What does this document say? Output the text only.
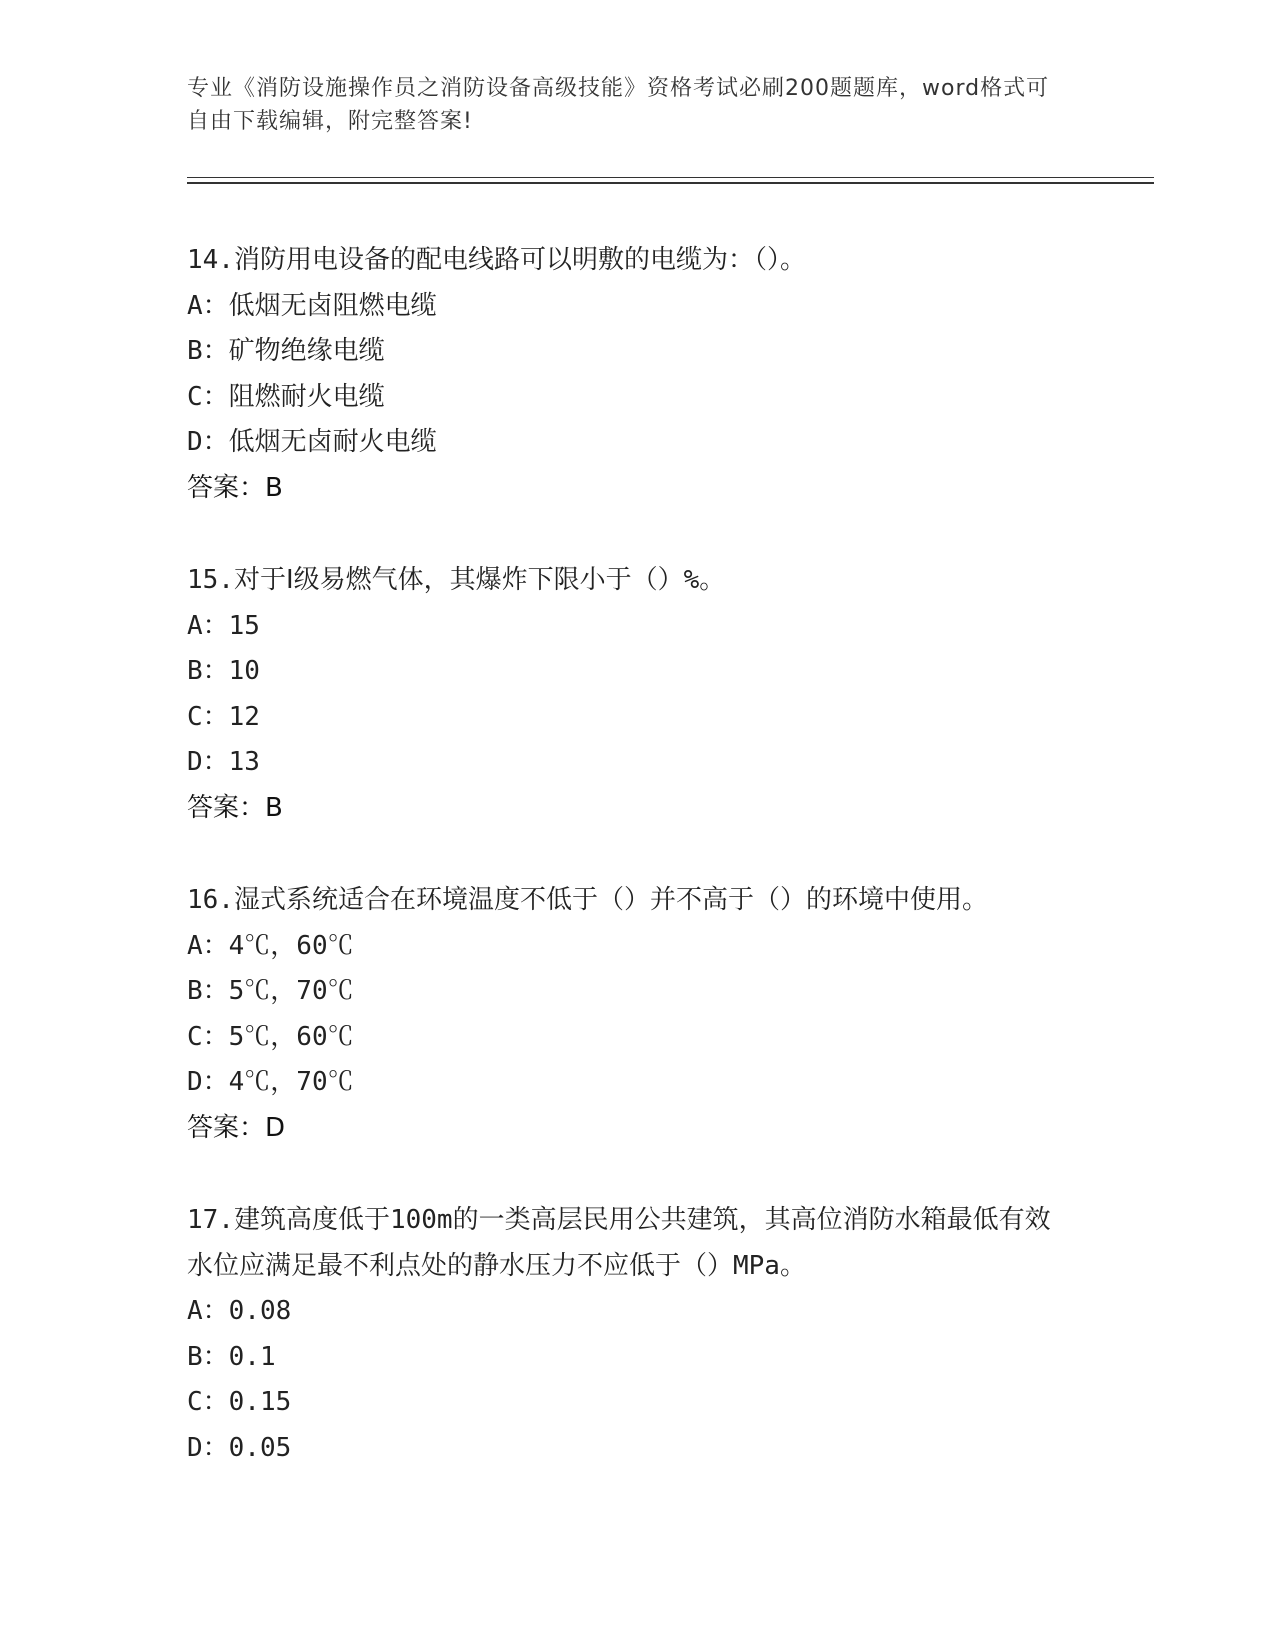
专业《消防设施操作员之消防设备高级技能》资格考试必刷200题题库，word格式可自由下载编辑，附完整答案!
14.消防用电设备的配电线路可以明敷的电缆为：（）。
A：低烟无卤阻燃电缆
B：矿物绝缘电缆
C：阻燃耐火电缆
D：低烟无卤耐火电缆
答案：B
15.对于Ⅰ级易燃气体，其爆炸下限小于（）%。
A：15
B：10
C：12
D：13
答案：B
16.湿式系统适合在环境温度不低于（）并不高于（）的环境中使用。
A：4℃，60℃
B：5℃，70℃
C：5℃，60℃
D：4℃，70℃
答案：D
17.建筑高度低于100m的一类高层民用公共建筑，其高位消防水箱最低有效水位应满足最不利点处的静水压力不应低于（）MPa。
A：0.08
B：0.1
C：0.15
D：0.05
